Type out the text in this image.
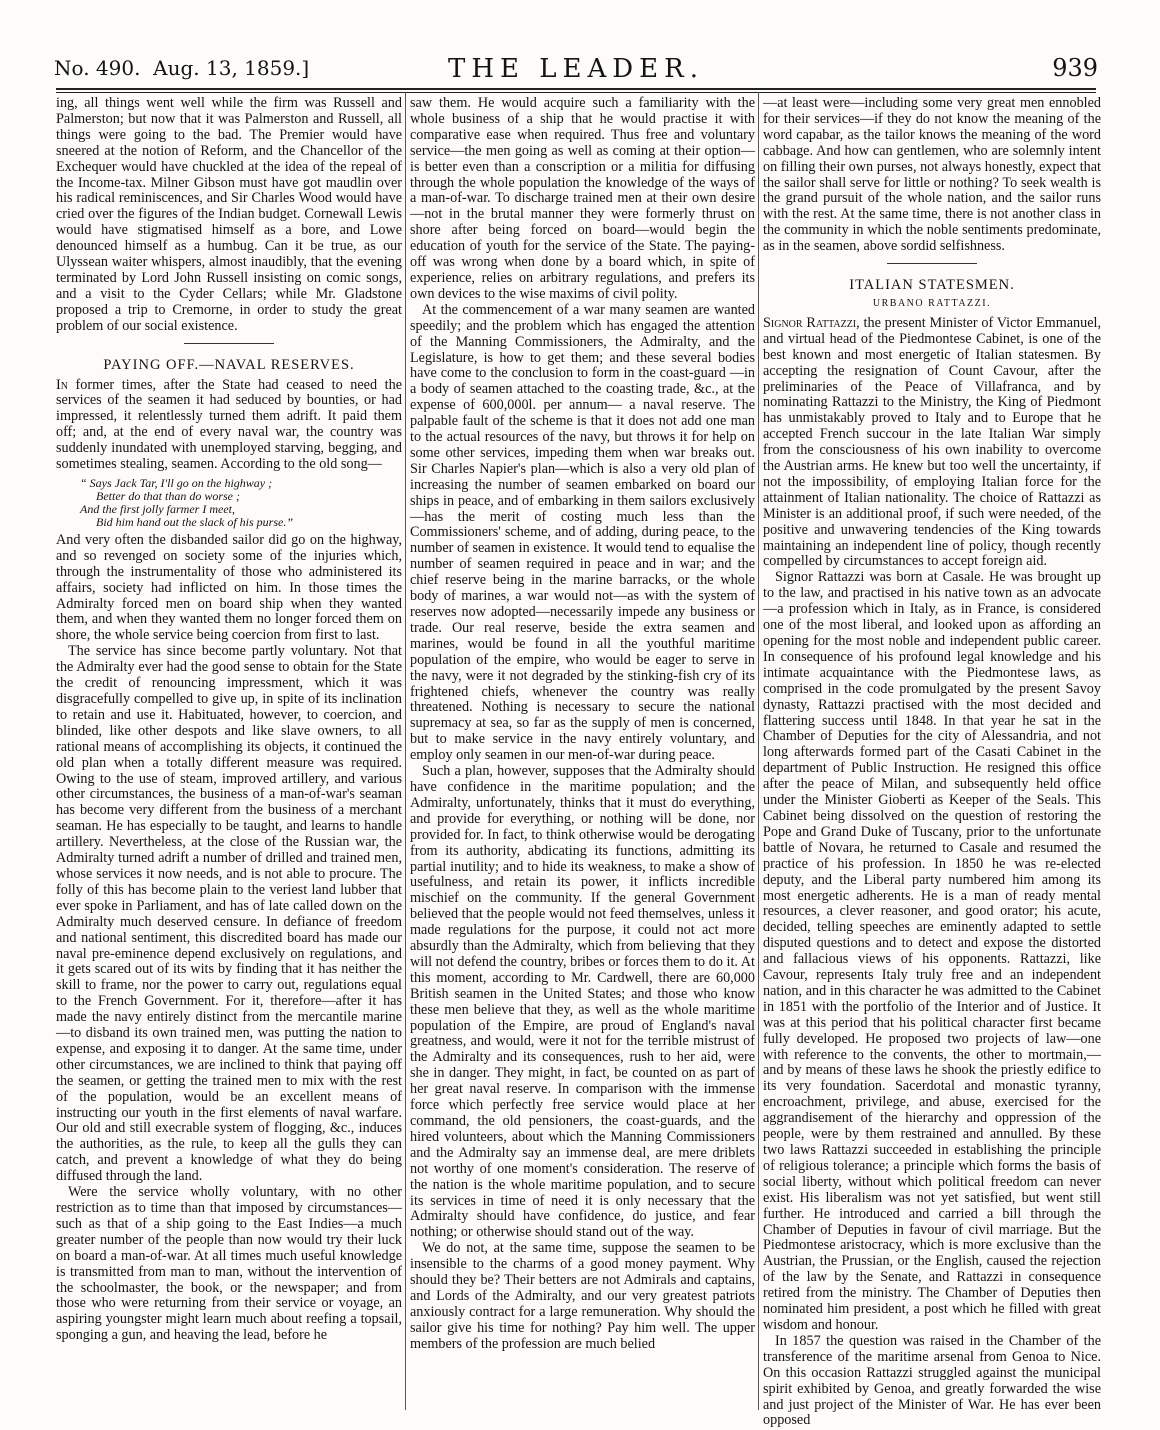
No. 490. Aug. 13, 1859.]	THE LEADER.	939

ing, all things went well while the firm was Russell and Palmerston; but now that it was Palmerston and Russell, all things were going to the bad. The Premier would have sneered at the notion of Reform, and the Chancellor of the Exchequer would have chuckled at the idea of the repeal of the Income-tax. Milner Gibson must have got maudlin over his radical reminiscences, and Sir Charles Wood would have cried over the figures of the Indian budget. Cornewall Lewis would have stigmatised himself as a bore, and Lowe denounced himself as a humbug. Can it be true, as our Ulyssean waiter whispers, almost inaudibly, that the evening terminated by Lord John Russell insisting on comic songs, and a visit to the Cyder Cellars; while Mr. Gladstone proposed a trip to Cremorne, in order to study the great problem of our social existence.

PAYING OFF.—NAVAL RESERVES.

In former times, after the State had ceased to need the services of the seamen it had seduced by bounties, or had impressed, it relentlessly turned them adrift. It paid them off; and, at the end of every naval war, the country was suddenly inundated with unemployed starving, begging, and sometimes stealing, seamen. According to the old song—

“ Says Jack Tar, I'll go on the highway ;
Better do that than do worse ;
And the first jolly farmer I meet,
Bid him hand out the slack of his purse.”

And very often the disbanded sailor did go on the highway, and so revenged on society some of the injuries which, through the instrumentality of those who administered its affairs, society had inflicted on him. In those times the Admiralty forced men on board ship when they wanted them, and when they wanted them no longer forced them on shore, the whole service being coercion from first to last.

The service has since become partly voluntary. Not that the Admiralty ever had the good sense to obtain for the State the credit of renouncing impressment, which it was disgracefully compelled to give up, in spite of its inclination to retain and use it. Habituated, however, to coercion, and blinded, like other despots and like slave owners, to all rational means of accomplishing its objects, it continued the old plan when a totally different measure was required. Owing to the use of steam, improved artillery, and various other circumstances, the business of a man-of-war's seaman has become very different from the business of a merchant seaman. He has especially to be taught, and learns to handle artillery. Nevertheless, at the close of the Russian war, the Admiralty turned adrift a number of drilled and trained men, whose services it now needs, and is not able to procure. The folly of this has become plain to the veriest land lubber that ever spoke in Parliament, and has of late called down on the Admiralty much deserved censure. In defiance of freedom and national sentiment, this discredited board has made our naval pre-eminence depend exclusively on regulations, and it gets scared out of its wits by finding that it has neither the skill to frame, nor the power to carry out, regulations equal to the French Government. For it, therefore—after it has made the navy entirely distinct from the mercantile marine—to disband its own trained men, was putting the nation to expense, and exposing it to danger. At the same time, under other circumstances, we are inclined to think that paying off the seamen, or getting the trained men to mix with the rest of the population, would be an excellent means of instructing our youth in the first elements of naval warfare. Our old and still execrable system of flogging, &c., induces the authorities, as the rule, to keep all the gulls they can catch, and prevent a knowledge of what they do being diffused through the land.

Were the service wholly voluntary, with no other restriction as to time than that imposed by circumstances—such as that of a ship going to the East Indies—a much greater number of the people than now would try their luck on board a man-of-war. At all times much useful knowledge is transmitted from man to man, without the intervention of the schoolmaster, the book, or the newspaper; and from those who were returning from their service or voyage, an aspiring youngster might learn much about reefing a topsail, sponging a gun, and heaving the lead, before he

saw them. He would acquire such a familiarity with the whole business of a ship that he would practise it with comparative ease when required. Thus free and voluntary service—the men going as well as coming at their option—is better even than a conscription or a militia for diffusing through the whole population the knowledge of the ways of a man-of-war. To discharge trained men at their own desire—not in the brutal manner they were formerly thrust on shore after being forced on board—would begin the education of youth for the service of the State. The paying-off was wrong when done by a board which, in spite of experience, relies on arbitrary regulations, and prefers its own devices to the wise maxims of civil polity.

At the commencement of a war many seamen are wanted speedily; and the problem which has engaged the attention of the Manning Commissioners, the Admiralty, and the Legislature, is how to get them; and these several bodies have come to the conclusion to form in the coast-guard —in a body of seamen attached to the coasting trade, &c., at the expense of 600,000l. per annum— a naval reserve. The palpable fault of the scheme is that it does not add one man to the actual resources of the navy, but throws it for help on some other services, impeding them when war breaks out. Sir Charles Napier's plan—which is also a very old plan of increasing the number of seamen embarked on board our ships in peace, and of embarking in them sailors exclusively—has the merit of costing much less than the Commissioners' scheme, and of adding, during peace, to the number of seamen in existence. It would tend to equalise the number of seamen required in peace and in war; and the chief reserve being in the marine barracks, or the whole body of marines, a war would not—as with the system of reserves now adopted—necessarily impede any business or trade. Our real reserve, beside the extra seamen and marines, would be found in all the youthful maritime population of the empire, who would be eager to serve in the navy, were it not degraded by the stinking-fish cry of its frightened chiefs, whenever the country was really threatened. Nothing is necessary to secure the national supremacy at sea, so far as the supply of men is concerned, but to make service in the navy entirely voluntary, and employ only seamen in our men-of-war during peace.

Such a plan, however, supposes that the Admiralty should have confidence in the maritime population; and the Admiralty, unfortunately, thinks that it must do everything, and provide for everything, or nothing will be done, nor provided for. In fact, to think otherwise would be derogating from its authority, abdicating its functions, admitting its partial inutility; and to hide its weakness, to make a show of usefulness, and retain its power, it inflicts incredible mischief on the community. If the general Government believed that the people would not feed themselves, unless it made regulations for the purpose, it could not act more absurdly than the Admiralty, which from believing that they will not defend the country, bribes or forces them to do it. At this moment, according to Mr. Cardwell, there are 60,000 British seamen in the United States; and those who know these men believe that they, as well as the whole maritime population of the Empire, are proud of England's naval greatness, and would, were it not for the terrible mistrust of the Admiralty and its consequences, rush to her aid, were she in danger. They might, in fact, be counted on as part of her great naval reserve. In comparison with the immense force which perfectly free service would place at her command, the old pensioners, the coast-guards, and the hired volunteers, about which the Manning Commissioners and the Admiralty say an immense deal, are mere driblets not worthy of one moment's consideration. The reserve of the nation is the whole maritime population, and to secure its services in time of need it is only necessary that the Admiralty should have confidence, do justice, and fear nothing; or otherwise should stand out of the way.

We do not, at the same time, suppose the seamen to be insensible to the charms of a good money payment. Why should they be? Their betters are not Admirals and captains, and Lords of the Admiralty, and our very greatest patriots anxiously contract for a large remuneration. Why should the sailor give his time for nothing? Pay him well. The upper members of the profession are much belied

—at least were—including some very great men ennobled for their services—if they do not know the meaning of the word capabar, as the tailor knows the meaning of the word cabbage. And how can gentlemen, who are solemnly intent on filling their own purses, not always honestly, expect that the sailor shall serve for little or nothing? To seek wealth is the grand pursuit of the whole nation, and the sailor runs with the rest. At the same time, there is not another class in the community in which the noble sentiments predominate, as in the seamen, above sordid selfishness.

ITALIAN STATESMEN.
URBANO RATTAZZI.

Signor Rattazzi, the present Minister of Victor Emmanuel, and virtual head of the Piedmontese Cabinet, is one of the best known and most energetic of Italian statesmen. By accepting the resignation of Count Cavour, after the preliminaries of the Peace of Villafranca, and by nominating Rattazzi to the Ministry, the King of Piedmont has unmistakably proved to Italy and to Europe that he accepted French succour in the late Italian War simply from the consciousness of his own inability to overcome the Austrian arms. He knew but too well the uncertainty, if not the impossibility, of employing Italian force for the attainment of Italian nationality. The choice of Rattazzi as Minister is an additional proof, if such were needed, of the positive and unwavering tendencies of the King towards maintaining an independent line of policy, though recently compelled by circumstances to accept foreign aid.

Signor Rattazzi was born at Casale. He was brought up to the law, and practised in his native town as an advocate—a profession which in Italy, as in France, is considered one of the most liberal, and looked upon as affording an opening for the most noble and independent public career. In consequence of his profound legal knowledge and his intimate acquaintance with the Piedmontese laws, as comprised in the code promulgated by the present Savoy dynasty, Rattazzi practised with the most decided and flattering success until 1848. In that year he sat in the Chamber of Deputies for the city of Alessandria, and not long afterwards formed part of the Casati Cabinet in the department of Public Instruction. He resigned this office after the peace of Milan, and subsequently held office under the Minister Gioberti as Keeper of the Seals. This Cabinet being dissolved on the question of restoring the Pope and Grand Duke of Tuscany, prior to the unfortunate battle of Novara, he returned to Casale and resumed the practice of his profession. In 1850 he was re-elected deputy, and the Liberal party numbered him among its most energetic adherents. He is a man of ready mental resources, a clever reasoner, and good orator; his acute, decided, telling speeches are eminently adapted to settle disputed questions and to detect and expose the distorted and fallacious views of his opponents. Rattazzi, like Cavour, represents Italy truly free and an independent nation, and in this character he was admitted to the Cabinet in 1851 with the portfolio of the Interior and of Justice. It was at this period that his political character first became fully developed. He proposed two projects of law—one with reference to the convents, the other to mortmain,—and by means of these laws he shook the priestly edifice to its very foundation. Sacerdotal and monastic tyranny, encroachment, privilege, and abuse, exercised for the aggrandisement of the hierarchy and oppression of the people, were by them restrained and annulled. By these two laws Rattazzi succeeded in establishing the principle of religious tolerance; a principle which forms the basis of social liberty, without which political freedom can never exist. His liberalism was not yet satisfied, but went still further. He introduced and carried a bill through the Chamber of Deputies in favour of civil marriage. But the Piedmontese aristocracy, which is more exclusive than the Austrian, the Prussian, or the English, caused the rejection of the law by the Senate, and Rattazzi in consequence retired from the ministry. The Chamber of Deputies then nominated him president, a post which he filled with great wisdom and honour.

In 1857 the question was raised in the Chamber of the transference of the maritime arsenal from Genoa to Nice. On this occasion Rattazzi struggled against the municipal spirit exhibited by Genoa, and greatly forwarded the wise and just project of the Minister of War. He has ever been opposed
